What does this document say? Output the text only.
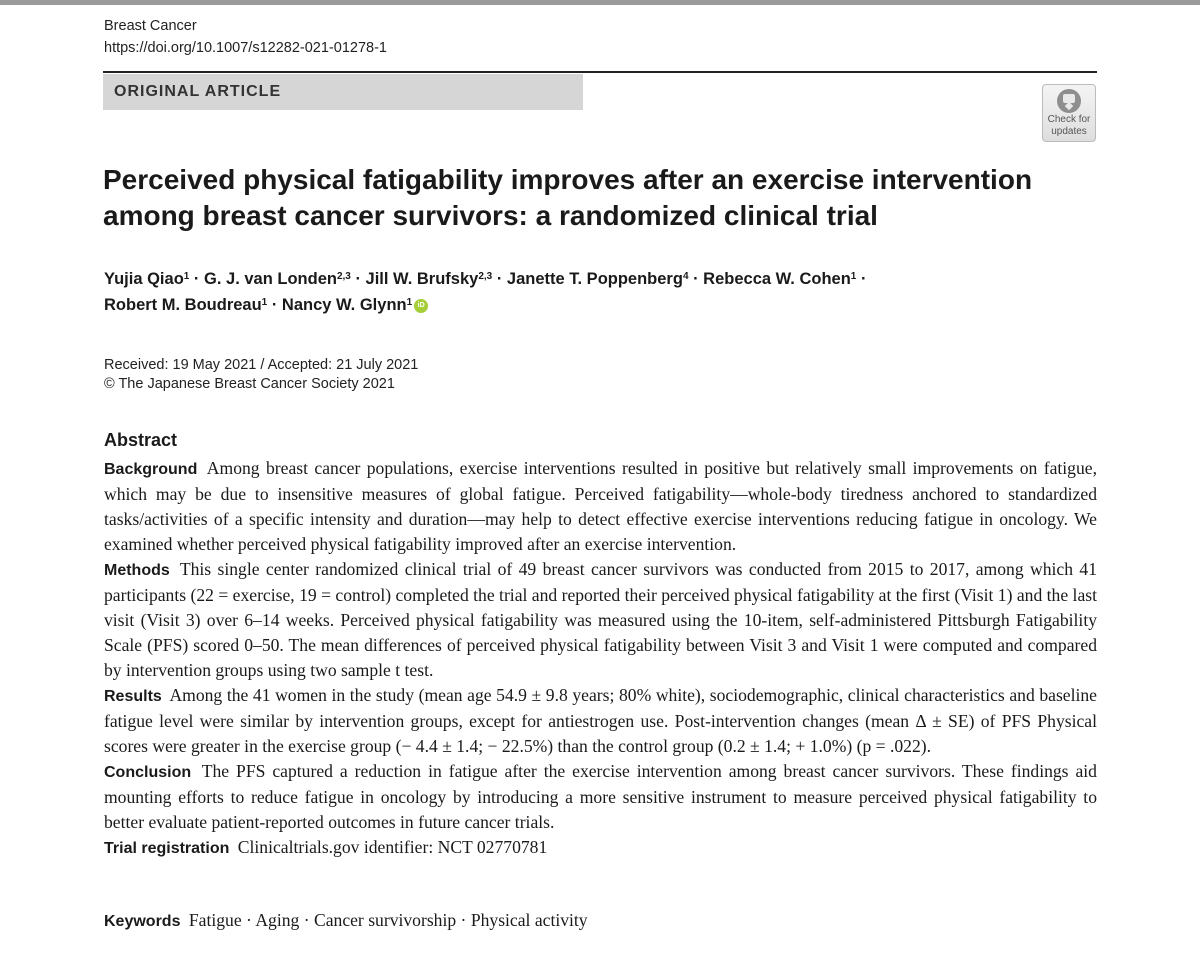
Breast Cancer
https://doi.org/10.1007/s12282-021-01278-1
ORIGINAL ARTICLE
Check for
updates
Perceived physical fatigability improves after an exercise intervention
among breast cancer survivors: a randomized clinical trial
Yujia Qiao$^1$ · G. J. van Londen$^{2,3}$ · Jill W. Brufsky$^{2,3}$ · Janette T. Poppenberg$^4$ · Rebecca W. Cohen$^1$ ·
Robert M. Boudreau$^1$ · Nancy W. Glynn$^1$ iD
Received: 19 May 2021 / Accepted: 21 July 2021
© The Japanese Breast Cancer Society 2021
Abstract

Background Among breast cancer populations, exercise interventions resulted in positive but relatively small improvements on fatigue, which may be due to insensitive measures of global fatigue. Perceived fatigability—whole-body tiredness anchored to standardized tasks/activities of a specific intensity and duration—may help to detect effective exercise interventions reducing fatigue in oncology. We examined whether perceived physical fatigability improved after an exercise intervention.

Methods This single center randomized clinical trial of 49 breast cancer survivors was conducted from 2015 to 2017, among which 41 participants (22 = exercise, 19 = control) completed the trial and reported their perceived physical fatigability at the first (Visit 1) and the last visit (Visit 3) over 6–14 weeks. Perceived physical fatigability was measured using the 10-item, self-administered Pittsburgh Fatigability Scale (PFS) scored 0–50. The mean differences of perceived physical fatigability between Visit 3 and Visit 1 were computed and compared by intervention groups using two sample t test.

Results Among the 41 women in the study (mean age 54.9 ± 9.8 years; 80% white), sociodemographic, clinical characteristics and baseline fatigue level were similar by intervention groups, except for antiestrogen use. Post-intervention changes (mean Δ ± SE) of PFS Physical scores were greater in the exercise group (− 4.4 ± 1.4; − 22.5%) than the control group (0.2 ± 1.4; + 1.0%) (p = .022).

Conclusion The PFS captured a reduction in fatigue after the exercise intervention among breast cancer survivors. These findings aid mounting efforts to reduce fatigue in oncology by introducing a more sensitive instrument to measure perceived physical fatigability to better evaluate patient-reported outcomes in future cancer trials.

Trial registration Clinicaltrials.gov identifier: NCT 02770781

Keywords Fatigue · Aging · Cancer survivorship · Physical activity
